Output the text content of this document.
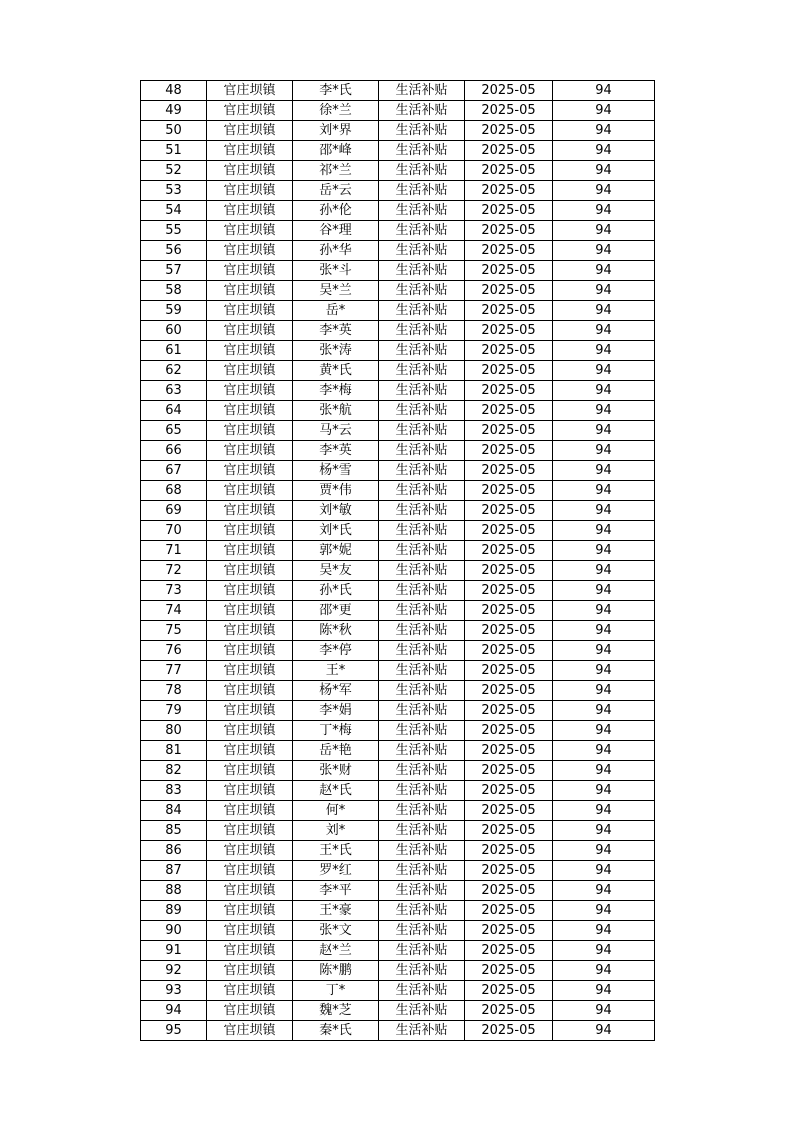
48	官庄坝镇	李*氏	生活补贴	2025-05	94
49	官庄坝镇	徐*兰	生活补贴	2025-05	94
50	官庄坝镇	刘*界	生活补贴	2025-05	94
51	官庄坝镇	邵*峰	生活补贴	2025-05	94
52	官庄坝镇	祁*兰	生活补贴	2025-05	94
53	官庄坝镇	岳*云	生活补贴	2025-05	94
54	官庄坝镇	孙*伦	生活补贴	2025-05	94
55	官庄坝镇	谷*理	生活补贴	2025-05	94
56	官庄坝镇	孙*华	生活补贴	2025-05	94
57	官庄坝镇	张*斗	生活补贴	2025-05	94
58	官庄坝镇	吴*兰	生活补贴	2025-05	94
59	官庄坝镇	岳*	生活补贴	2025-05	94
60	官庄坝镇	李*英	生活补贴	2025-05	94
61	官庄坝镇	张*涛	生活补贴	2025-05	94
62	官庄坝镇	黄*氏	生活补贴	2025-05	94
63	官庄坝镇	李*梅	生活补贴	2025-05	94
64	官庄坝镇	张*航	生活补贴	2025-05	94
65	官庄坝镇	马*云	生活补贴	2025-05	94
66	官庄坝镇	李*英	生活补贴	2025-05	94
67	官庄坝镇	杨*雪	生活补贴	2025-05	94
68	官庄坝镇	贾*伟	生活补贴	2025-05	94
69	官庄坝镇	刘*敏	生活补贴	2025-05	94
70	官庄坝镇	刘*氏	生活补贴	2025-05	94
71	官庄坝镇	郭*妮	生活补贴	2025-05	94
72	官庄坝镇	吴*友	生活补贴	2025-05	94
73	官庄坝镇	孙*氏	生活补贴	2025-05	94
74	官庄坝镇	邵*更	生活补贴	2025-05	94
75	官庄坝镇	陈*秋	生活补贴	2025-05	94
76	官庄坝镇	李*停	生活补贴	2025-05	94
77	官庄坝镇	王*	生活补贴	2025-05	94
78	官庄坝镇	杨*军	生活补贴	2025-05	94
79	官庄坝镇	李*娟	生活补贴	2025-05	94
80	官庄坝镇	丁*梅	生活补贴	2025-05	94
81	官庄坝镇	岳*艳	生活补贴	2025-05	94
82	官庄坝镇	张*财	生活补贴	2025-05	94
83	官庄坝镇	赵*氏	生活补贴	2025-05	94
84	官庄坝镇	何*	生活补贴	2025-05	94
85	官庄坝镇	刘*	生活补贴	2025-05	94
86	官庄坝镇	王*氏	生活补贴	2025-05	94
87	官庄坝镇	罗*红	生活补贴	2025-05	94
88	官庄坝镇	李*平	生活补贴	2025-05	94
89	官庄坝镇	王*豪	生活补贴	2025-05	94
90	官庄坝镇	张*文	生活补贴	2025-05	94
91	官庄坝镇	赵*兰	生活补贴	2025-05	94
92	官庄坝镇	陈*鹏	生活补贴	2025-05	94
93	官庄坝镇	丁*	生活补贴	2025-05	94
94	官庄坝镇	魏*芝	生活补贴	2025-05	94
95	官庄坝镇	秦*氏	生活补贴	2025-05	94
